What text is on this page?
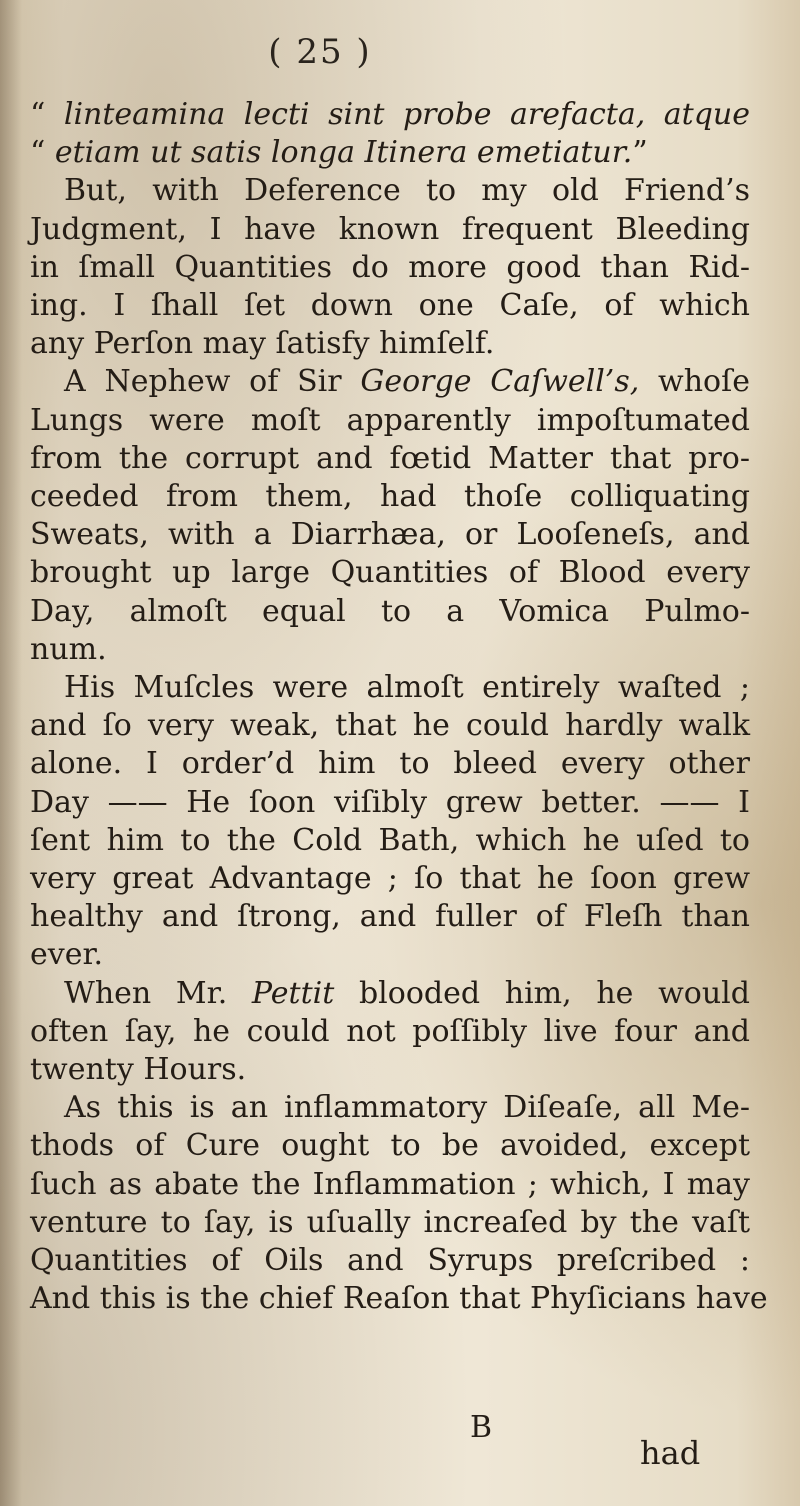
( 25 )
“ linteamina lecti sint probe arefacta, atque
“ etiam ut satis longa Itinera emetiatur.”
But, with Deference to my old Friend’s
Judgment, I have known frequent Bleeding
in ſmall Quantities do more good than Rid-
ing. I ſhall ſet down one Caſe, of which
any Perſon may ſatisfy himſelf.
A Nephew of Sir George Caſwell’s, whoſe
Lungs were moſt apparently impoſtumated
from the corrupt and fœtid Matter that pro-
ceeded from them, had thoſe colliquating
Sweats, with a Diarrhæa, or Looſeneſs, and
brought up large Quantities of Blood every
Day, almoſt equal to a Vomica Pulmo-
num.
His Muſcles were almoſt entirely waſted ;
and ſo very weak, that he could hardly walk
alone. I order’d him to bleed every other
Day —— He ſoon viſibly grew better. —— I
ſent him to the Cold Bath, which he uſed to
very great Advantage ; ſo that he ſoon grew
healthy and ſtrong, and fuller of Fleſh than
ever.
When Mr. Pettit blooded him, he would
often ſay, he could not poſſibly live four and
twenty Hours.
As this is an inflammatory Diſeaſe, all Me-
thods of Cure ought to be avoided, except
ſuch as abate the Inflammation ; which, I may
venture to ſay, is uſually increaſed by the vaſt
Quantities of Oils and Syrups preſcribed :
And this is the chief Reaſon that Phyſicians have
B
had
